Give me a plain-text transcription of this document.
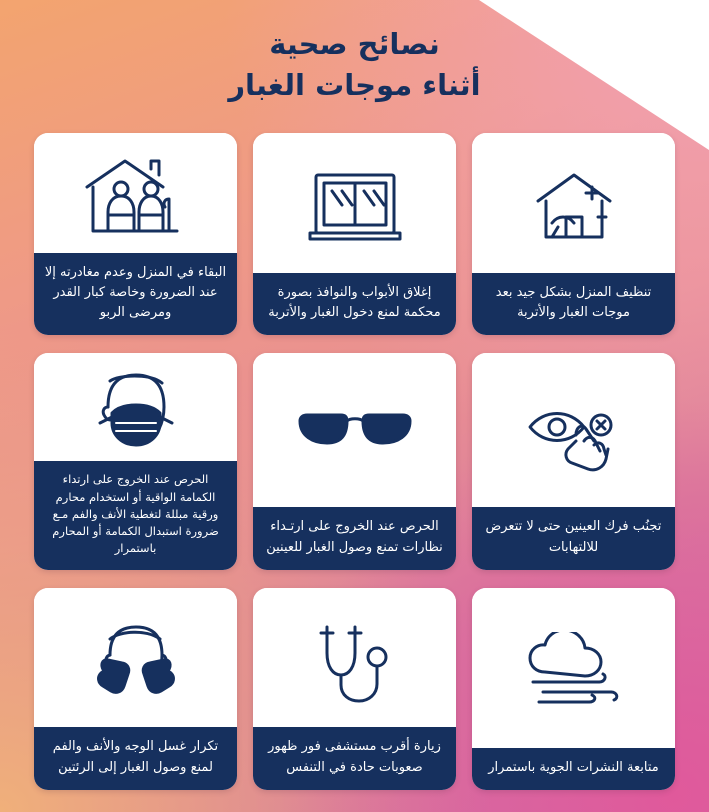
نصائح صحية
أثناء موجات الغبار
تنظيف المنزل بشكل جيد بعد موجات الغبار والأتربة
إغلاق الأبواب والنوافذ بصورة محكمة لمنع دخول الغبار والأتربة
البقاء في المنزل وعدم مغادرته إلا عند الضرورة وخاصة كبار القدر ومرضى الربو
تجنُب فرك العينين حتى لا تتعرض للالتهابات
الحرص عند الخروج على ارتـداء نظارات تمنع وصول الغبار للعينين
الحرص عند الخروج على ارتداء الكمامة الواقية أو استخدام محارم ورقية مبللة لتغطية الأنف والفم مـع ضرورة استبدال الكمامة أو المحارم باستمرار
متابعة النشرات الجوية باستمرار
زيارة أقرب مستشفى فور ظهور صعوبات حادة في التنفس
تكرار غسل الوجه والأنف والفم لمنع وصول الغبار إلى الرئتين
